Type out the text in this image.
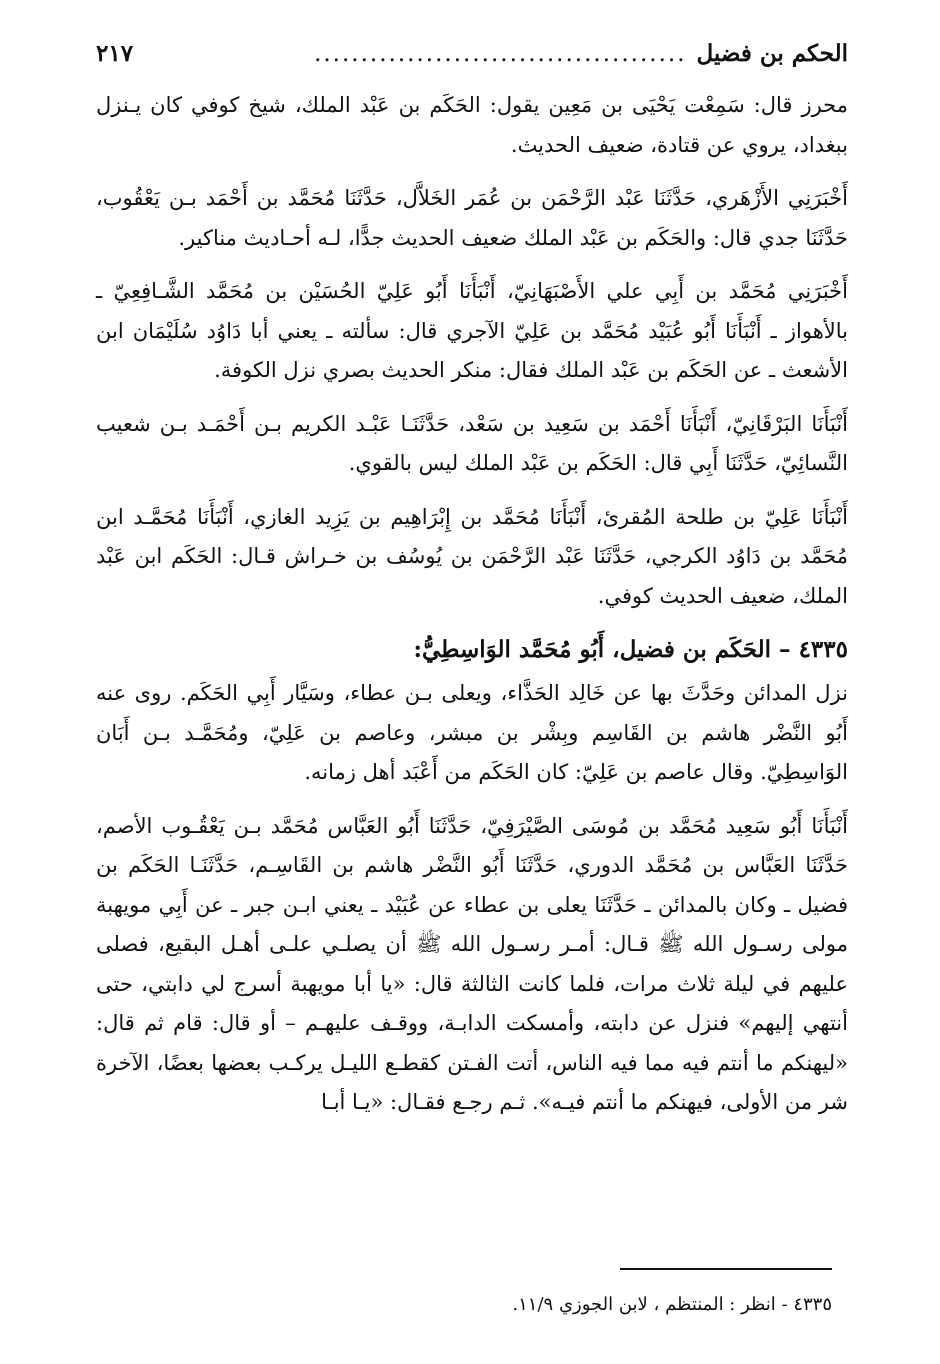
الحكم بن فضيل
........................................
٢١٧

محرز قال: سَمِعْت يَحْيَى بن مَعِين يقول: الحَكَم بن عَبْد الملك، شيخ كوفي كان يـنزل ببغداد، يروي عن قتادة، ضعيف الحديث.

أَخْبَرَنِي الأَزْهَري، حَدَّثَنَا عَبْد الرَّحْمَن بن عُمَر الخَلاَّل، حَدَّثَنَا مُحَمَّد بن أَحْمَد بـن يَعْقُوب، حَدَّثَنَا جدي قال: والحَكَم بن عَبْد الملك ضعيف الحديث جدًّا، لـه أحـاديث مناكير.

أَخْبَرَنِي مُحَمَّد بن أَبِي علي الأَصْبَهَانِيّ، أَنْبَأَنَا أَبُو عَلِيّ الحُسَيْن بن مُحَمَّد الشَّـافِعِيّ ـ بالأهواز ـ أَنْبَأَنَا أَبُو عُبَيْد مُحَمَّد بن عَلِيّ الآجري قال: سألته ـ يعني أبا دَاوُد سُلَيْمَان ابن الأشعث ـ عن الحَكَم بن عَبْد الملك فقال: منكر الحديث بصري نزل الكوفة.

أَنْبَأَنَا البَرْقَانِيّ، أَنْبَأَنَا أَحْمَد بن سَعِيد بن سَعْد، حَدَّثَنَـا عَبْـد الكريم بـن أَحْمَـد بـن شعيب النَّسائِيّ، حَدَّثَنَا أَبِي قال: الحَكَم بن عَبْد الملك ليس بالقوي.

أَنْبَأَنَا عَلِيّ بن طلحة المُقرئ، أَنْبَأَنَا مُحَمَّد بن إِبْرَاهِيم بن يَزِيد الغازي، أَنْبَأَنَا مُحَمَّـد ابن مُحَمَّد بن دَاوُد الكرجي، حَدَّثَنَا عَبْد الرَّحْمَن بن يُوسُف بن خـراش قـال: الحَكَم ابن عَبْد الملك، ضعيف الحديث كوفي.

٤٣٣٥ – الحَكَم بن فضيل، أَبُو مُحَمَّد الوَاسِطِيُّ:

نزل المدائن وحَدَّثَ بها عن خَالِد الحَذَّاء، ويعلى بـن عطاء، وسَيَّار أَبِي الحَكَم. روى عنه أَبُو النَّضْر هاشم بن القَاسِم وبِشْر بن مبشر، وعاصم بن عَلِيّ، ومُحَمَّـد بـن أَبَان الوَاسِطِيّ. وقال عاصم بن عَلِيّ: كان الحَكَم من أَعْبَد أهل زمانه.

أَنْبَأَنَا أَبُو سَعِيد مُحَمَّد بن مُوسَى الصَّيْرَفِيّ، حَدَّثَنَا أَبُو العَبَّاس مُحَمَّد بـن يَعْقُـوب الأصم، حَدَّثَنَا العَبَّاس بن مُحَمَّد الدوري، حَدَّثَنَا أَبُو النَّضْر هاشم بن القَاسِـم، حَدَّثَنَـا الحَكَم بن فضيل ـ وكان بالمدائن ـ حَدَّثَنَا يعلى بن عطاء عن عُبَيْد ـ يعني ابـن جبر ـ عن أَبِي مويهبة مولى رسـول الله ﷺ قـال: أمـر رسـول الله ﷺ أن يصلـي علـى أهـل البقيع، فصلى عليهم في ليلة ثلاث مرات، فلما كانت الثالثة قال: «يا أبا مويهبة أسرج لي دابتي، حتى أنتهي إليهم» فنزل عن دابته، وأمسكت الدابـة، ووقـف عليهـم – أو قال: قام ثم قال: «ليهنكم ما أنتم فيه مما فيه الناس، أتت الفـتن كقطـع الليـل يركـب بعضها بعضًا، الآخرة شر من الأولى، فيهنكم ما أنتم فيـه». ثـم رجـع فقـال: «يـا أبـا

٤٣٣٥ - انظر : المنتظم ، لابن الجوزي ١١/٩.
